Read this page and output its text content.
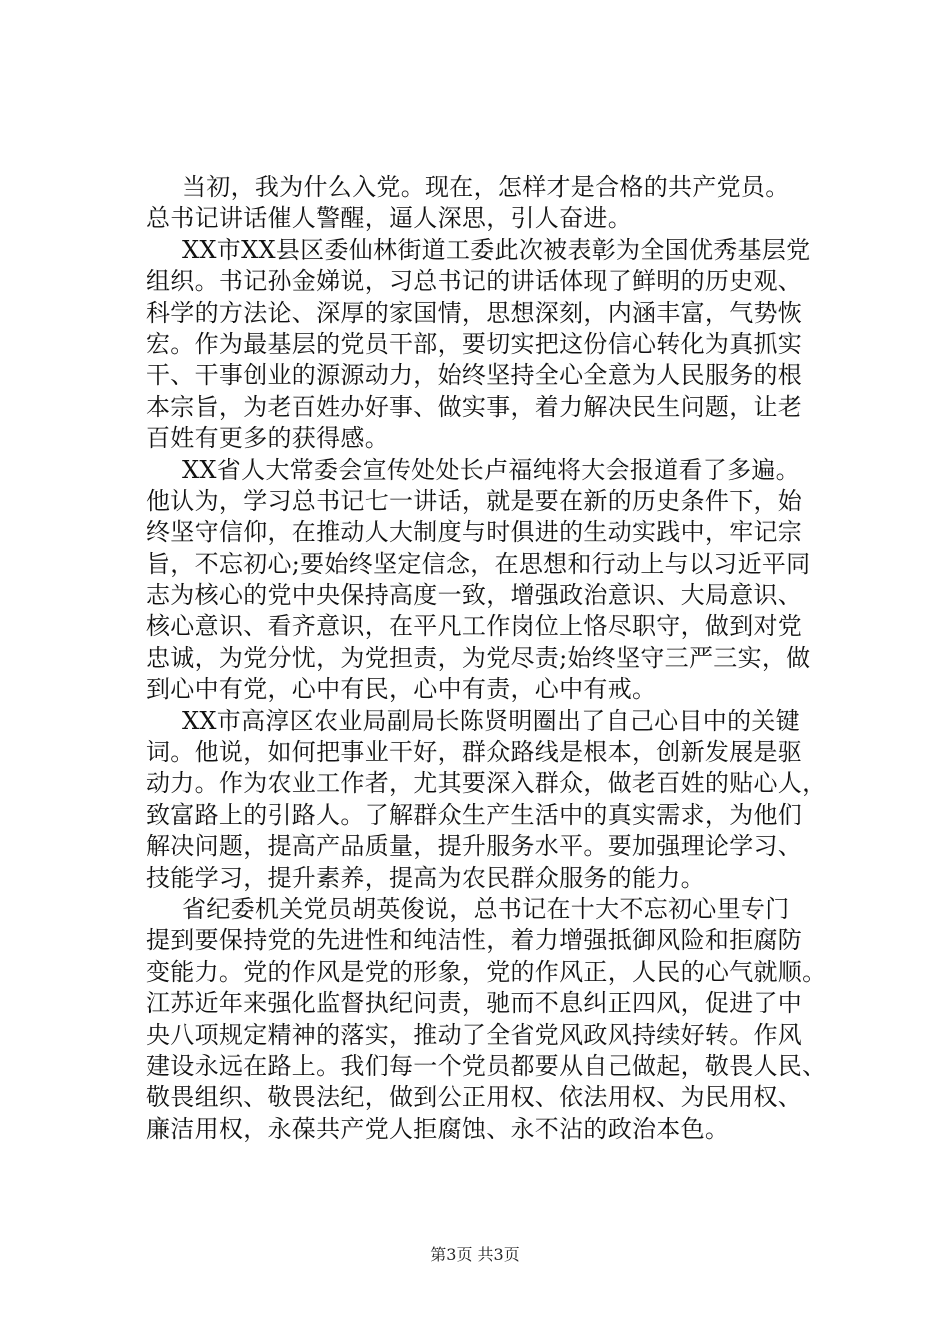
当初，我为什么入党。现在，怎样才是合格的共产党员。
总书记讲话催人警醒，逼人深思，引人奋进。
XX市XX县区委仙林街道工委此次被表彰为全国优秀基层党
组织。书记孙金娣说，习总书记的讲话体现了鲜明的历史观、
科学的方法论、深厚的家国情，思想深刻，内涵丰富，气势恢
宏。作为最基层的党员干部，要切实把这份信心转化为真抓实
干、干事创业的源源动力，始终坚持全心全意为人民服务的根
本宗旨，为老百姓办好事、做实事，着力解决民生问题，让老
百姓有更多的获得感。
XX省人大常委会宣传处处长卢福纯将大会报道看了多遍。
他认为，学习总书记七一讲话，就是要在新的历史条件下，始
终坚守信仰，在推动人大制度与时俱进的生动实践中，牢记宗
旨，不忘初心;要始终坚定信念，在思想和行动上与以习近平同
志为核心的党中央保持高度一致，增强政治意识、大局意识、
核心意识、看齐意识，在平凡工作岗位上恪尽职守，做到对党
忠诚，为党分忧，为党担责，为党尽责;始终坚守三严三实，做
到心中有党，心中有民，心中有责，心中有戒。
XX市高淳区农业局副局长陈贤明圈出了自己心目中的关键
词。他说，如何把事业干好，群众路线是根本，创新发展是驱
动力。作为农业工作者，尤其要深入群众，做老百姓的贴心人，
致富路上的引路人。了解群众生产生活中的真实需求，为他们
解决问题，提高产品质量，提升服务水平。要加强理论学习、
技能学习，提升素养，提高为农民群众服务的能力。
省纪委机关党员胡英俊说，总书记在十大不忘初心里专门
提到要保持党的先进性和纯洁性，着力增强抵御风险和拒腐防
变能力。党的作风是党的形象，党的作风正，人民的心气就顺。
江苏近年来强化监督执纪问责，驰而不息纠正四风，促进了中
央八项规定精神的落实，推动了全省党风政风持续好转。作风
建设永远在路上。我们每一个党员都要从自己做起，敬畏人民、
敬畏组织、敬畏法纪，做到公正用权、依法用权、为民用权、
廉洁用权，永葆共产党人拒腐蚀、永不沾的政治本色。
第3页 共3页
